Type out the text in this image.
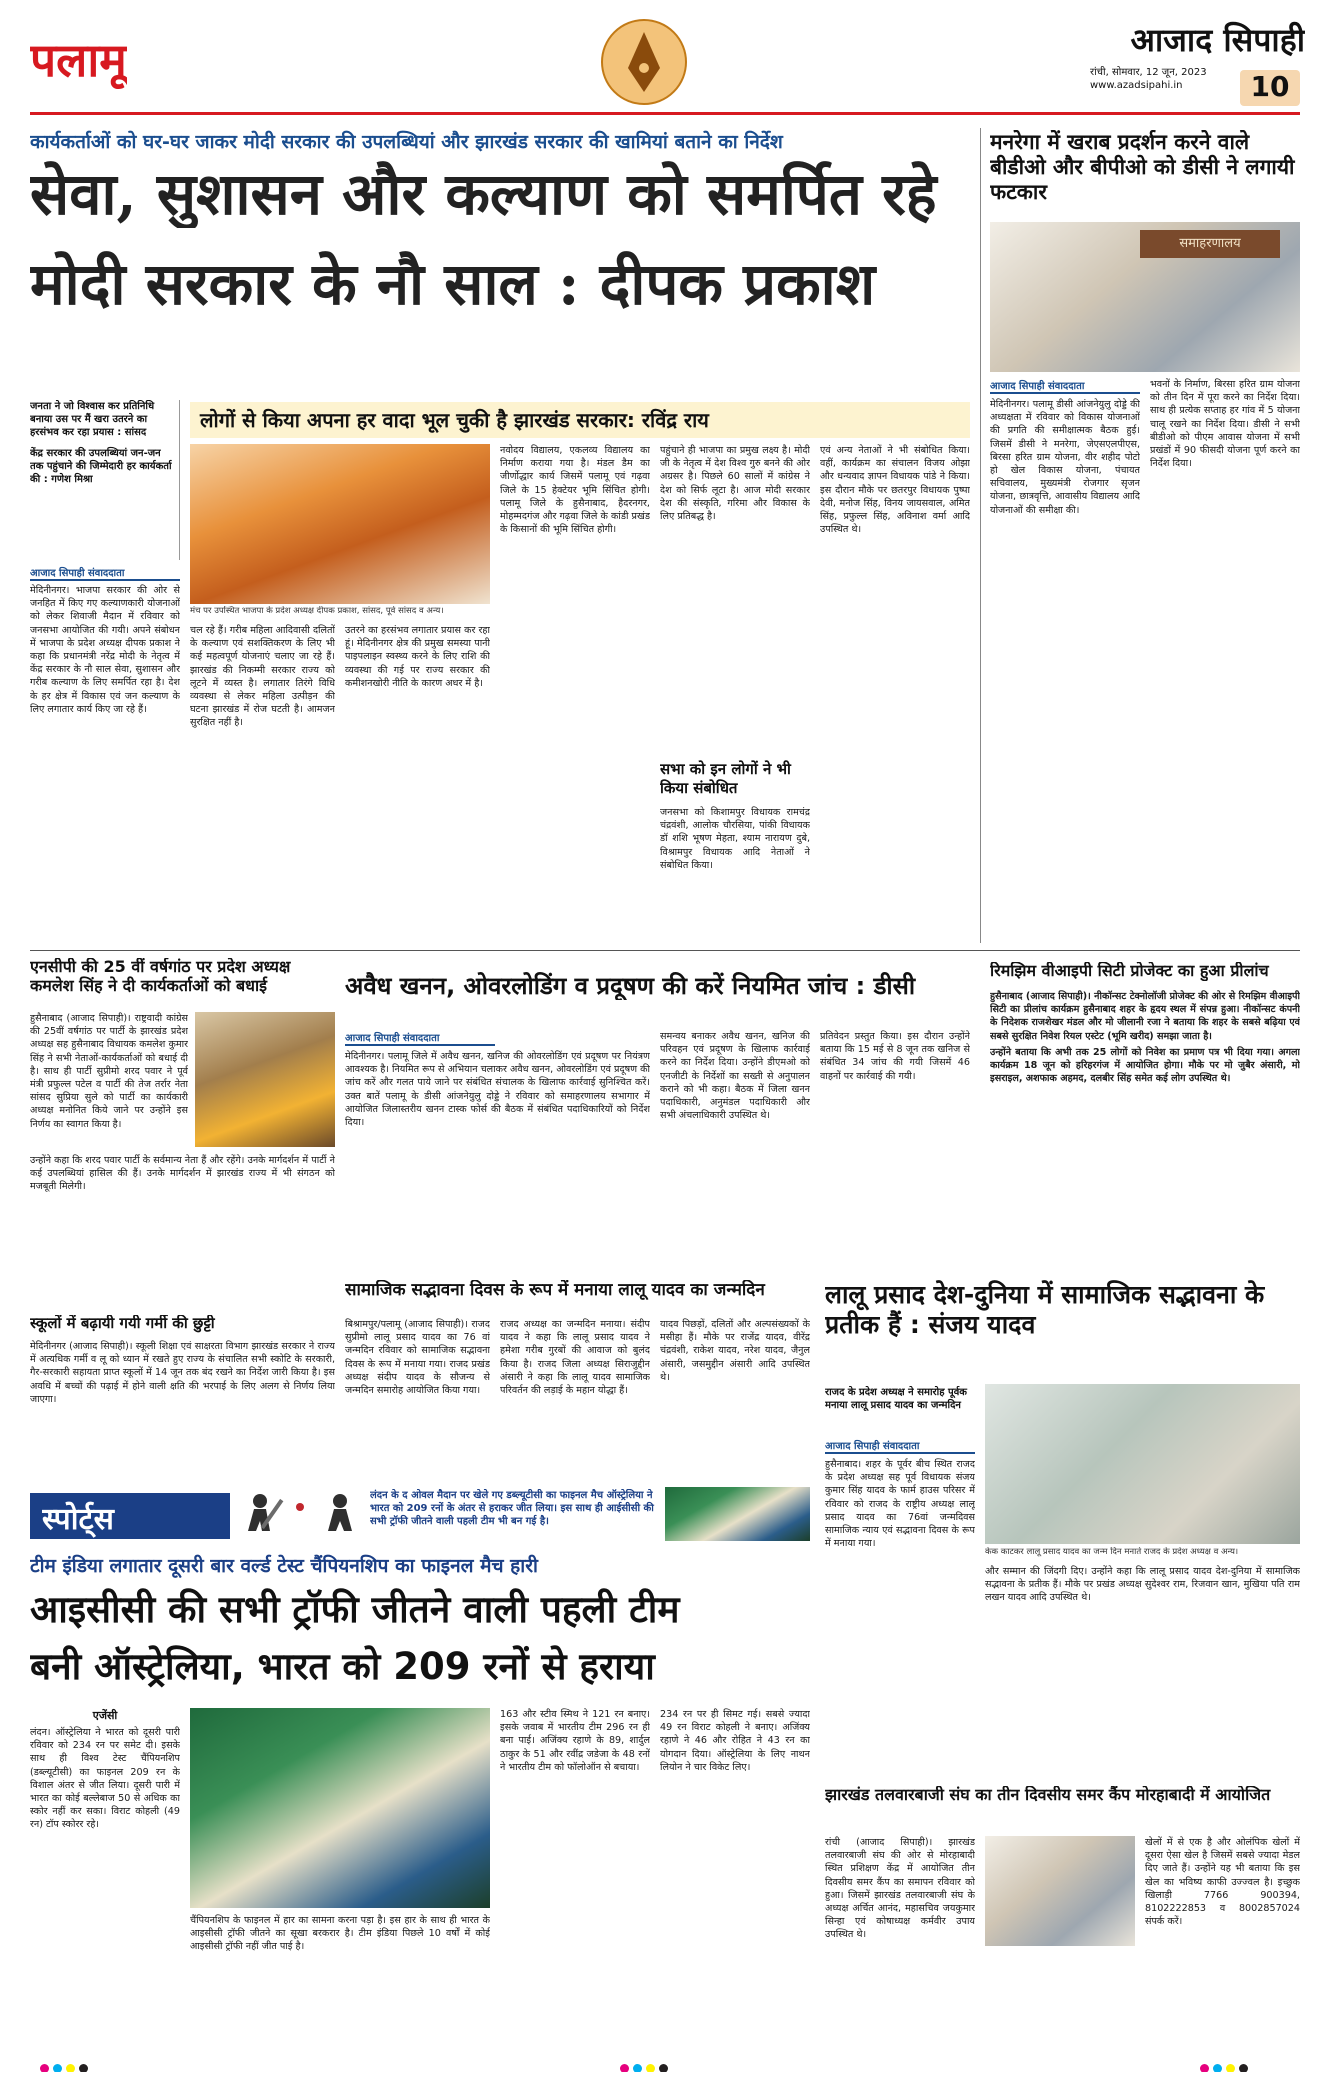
पलामू	आजाद सिपाही
रांची, सोमवार, 12 जून, 2023
www.azadsipahi.in	10
कार्यकर्ताओं को घर-घर जाकर मोदी सरकार की उपलब्धियां और झारखंड सरकार की खामियां बताने का निर्देश
सेवा, सुशासन और कल्याण को समर्पित रहे
मोदी सरकार के नौ साल : दीपक प्रकाश
जनता ने जो विश्वास कर प्रतिनिधि बनाया उस पर मैं खरा उतरने का हरसंभव कर रहा प्रयास : सांसद
केंद्र सरकार की उपलब्धियां जन-जन तक पहुंचाने की जिम्मेदारी हर कार्यकर्ता की : गणेश मिश्रा
आजाद सिपाही संवाददाता
लोगों से किया अपना हर वादा भूल चुकी है झारखंड सरकार: रविंद्र राय
मंच पर उपस्थित भाजपा के प्रदेश अध्यक्ष दीपक प्रकाश, सांसद, पूर्व सांसद व अन्य।

मेदिनीनगर। भाजपा सरकार की ओर से जनहित में किए गए कल्याणकारी योजनाओं को लेकर शिवाजी मैदान में रविवार को जनसभा आयोजित की गयी। अपने संबोधन में भाजपा के प्रदेश अध्यक्ष दीपक प्रकाश ने कहा कि प्रधानमंत्री नरेंद्र मोदी के नेतृत्व में केंद्र सरकार के नौ साल सेवा, सुशासन और गरीब कल्याण के लिए समर्पित रहा है। देश के हर क्षेत्र में विकास एवं जन कल्याण के लिए लगातार कार्य किए जा रहे हैं।

चल रहे हैं। गरीब महिला आदिवासी दलितों के कल्याण एवं सशक्तिकरण के लिए भी कई महत्वपूर्ण योजनाएं चलाए जा रहे हैं। झारखंड की निकम्मी सरकार राज्य को लूटने में व्यस्त है। लगातार तिरंगे विधि व्यवस्था से लेकर महिला उत्पीड़न की घटना झारखंड में रोज घटती है। आमजन सुरक्षित नहीं है।

उतरने का हरसंभव लगातार प्रयास कर रहा हूं। मेदिनीनगर क्षेत्र की प्रमुख समस्या पानी पाइपलाइन स्वस्थ्य करने के लिए राशि की व्यवस्था की गई पर राज्य सरकार की कमीशनखोरी नीति के कारण अधर में है।

नवोदय विद्यालय, एकलव्य विद्यालय का निर्माण कराया गया है। मंडल डैम का जीर्णोद्धार कार्य जिसमें पलामू एवं गढ़वा जिले के 15 हेक्टेयर भूमि सिंचित होगी। पलामू जिले के हुसैनाबाद, हैदरनगर, मोहम्मदगंज और गढ़वा जिले के कांडी प्रखंड के किसानों की भूमि सिंचित होगी।

पहुंचाने ही भाजपा का प्रमुख लक्ष्य है। मोदी जी के नेतृत्व में देश विश्व गुरु बनने की ओर अग्रसर है। पिछले 60 सालों में कांग्रेस ने देश को सिर्फ लूटा है। आज मोदी सरकार देश की संस्कृति, गरिमा और विकास के लिए प्रतिबद्ध है।

सभा को इन लोगों ने भी किया संबोधित

जनसभा को किशामपुर विधायक रामचंद्र चंद्रवंशी, आलोक चौरसिया, पांकी विधायक डॉ शशि भूषण मेहता, श्याम नारायण दुबे, विश्रामपुर विधायक आदि नेताओं ने संबोधित किया।

एवं अन्य नेताओं ने भी संबोधित किया। वहीं, कार्यक्रम का संचालन विजय ओझा और धन्यवाद ज्ञापन विधायक पांडे ने किया। इस दौरान मौके पर छतरपुर विधायक पुष्पा देवी, मनोज सिंह, विनय जायसवाल, अमित सिंह, प्रफुल्ल सिंह, अविनाश वर्मा आदि उपस्थित थे।

मनरेगा में खराब प्रदर्शन करने वाले बीडीओ और बीपीओ को डीसी ने लगायी फटकार
समाहरणालय
आजाद सिपाही संवाददाता

मेदिनीनगर। पलामू डीसी आंजनेयुलु दोड्डे की अध्यक्षता में रविवार को विकास योजनाओं की प्रगति की समीक्षात्मक बैठक हुई। जिसमें डीसी ने मनरेगा, जेएसएलपीएस, बिरसा हरित ग्राम योजना, वीर शहीद पोटो हो खेल विकास योजना, पंचायत सचिवालय, मुख्यमंत्री रोजगार सृजन योजना, छात्रवृत्ति, आवासीय विद्यालय आदि योजनाओं की समीक्षा की।

भवनों के निर्माण, बिरसा हरित ग्राम योजना को तीन दिन में पूरा करने का निर्देश दिया। साथ ही प्रत्येक सप्ताह हर गांव में 5 योजना चालू रखने का निर्देश दिया। डीसी ने सभी बीडीओ को पीएम आवास योजना में सभी प्रखंडों में 90 फीसदी योजना पूर्ण करने का निर्देश दिया।

एनसीपी की 25 वीं वर्षगांठ पर प्रदेश अध्यक्ष कमलेश सिंह ने दी कार्यकर्ताओं को बधाई

हुसैनाबाद (आजाद सिपाही)। राष्ट्रवादी कांग्रेस की 25वीं वर्षगांठ पर पार्टी के झारखंड प्रदेश अध्यक्ष सह हुसैनाबाद विधायक कमलेश कुमार सिंह ने सभी नेताओं-कार्यकर्ताओं को बधाई दी है। साथ ही पार्टी सुप्रीमो शरद पवार ने पूर्व मंत्री प्रफुल्ल पटेल व पार्टी की तेज तर्रार नेता सांसद सुप्रिया सुले को पार्टी का कार्यकारी अध्यक्ष मनोनित किये जाने पर उन्होंने इस निर्णय का स्वागत किया है।

उन्होंने कहा कि शरद पवार पार्टी के सर्वमान्य नेता हैं और रहेंगे। उनके मार्गदर्शन में पार्टी ने कई उपलब्धियां हासिल की हैं। उनके मार्गदर्शन में झारखंड राज्य में भी संगठन को मजबूती मिलेगी।

स्कूलों में बढ़ायी गयी गर्मी की छुट्टी

मेदिनीनगर (आजाद सिपाही)। स्कूली शिक्षा एवं साक्षरता विभाग झारखंड सरकार ने राज्य में अत्यधिक गर्मी व लू को ध्यान में रखते हुए राज्य के संचालित सभी स्कोटि के सरकारी, गैर-सरकारी सहायता प्राप्त स्कूलों में 14 जून तक बंद रखने का निर्देश जारी किया है। इस अवधि में बच्चों की पढ़ाई में होने वाली क्षति की भरपाई के लिए अलग से निर्णय लिया जाएगा।

अवैध खनन, ओवरलोडिंग व प्रदूषण की करें नियमित जांच : डीसी
आजाद सिपाही संवाददाता

मेदिनीनगर। पलामू जिले में अवैध खनन, खनिज की ओवरलोडिंग एवं प्रदूषण पर नियंत्रण आवश्यक है। नियमित रूप से अभियान चलाकर अवैध खनन, ओवरलोडिंग एवं प्रदूषण की जांच करें और गलत पाये जाने पर संबंधित संचालक के खिलाफ कार्रवाई सुनिश्चित करें। उक्त बातें पलामू के डीसी आंजनेयुलु दोड्डे ने रविवार को समाहरणालय सभागार में आयोजित जिलास्तरीय खनन टास्क फोर्स की बैठक में संबंधित पदाधिकारियों को निर्देश दिया।

समन्वय बनाकर अवैध खनन, खनिज की परिवहन एवं प्रदूषण के खिलाफ कार्रवाई करने का निर्देश दिया। उन्होंने डीएमओ को एनजीटी के निर्देशों का सख्ती से अनुपालन कराने को भी कहा। बैठक में जिला खनन पदाधिकारी, अनुमंडल पदाधिकारी और सभी अंचलाधिकारी उपस्थित थे।

प्रतिवेदन प्रस्तुत किया। इस दौरान उन्होंने बताया कि 15 मई से 8 जून तक खनिज से संबंधित 34 जांच की गयी जिसमें 46 वाहनों पर कार्रवाई की गयी।

रिमझिम वीआइपी सिटी प्रोजेक्ट का हुआ प्रीलांच

हुसैनाबाद (आजाद सिपाही)। नीकॉन्सट टेक्नोलॉजी प्रोजेक्ट की ओर से रिमझिम वीआइपी सिटी का प्रीलांच कार्यक्रम हुसैनाबाद शहर के हृदय स्थल में संपन्न हुआ। नीकॉन्सट कंपनी के निदेशक राजशेखर मंडल और मो जीलानी रजा ने बताया कि शहर के सबसे बढ़िया एवं सबसे सुरक्षित निवेश रियल एस्टेट (भूमि खरीद) समझा जाता है।

उन्होंने बताया कि अभी तक 25 लोगों को निवेश का प्रमाण पत्र भी दिया गया। अगला कार्यक्रम 18 जून को हरिहरगंज में आयोजित होगा। मौके पर मो जुबैर अंसारी, मो इसराइल, अशफाक अहमद, दलबीर सिंह समेत कई लोग उपस्थित थे।

सामाजिक सद्भावना दिवस के रूप में मनाया लालू यादव का जन्मदिन

बिश्रामपुर/पलामू (आजाद सिपाही)। राजद सुप्रीमो लालू प्रसाद यादव का 76 वां जन्मदिन रविवार को सामाजिक सद्भावना दिवस के रूप में मनाया गया। राजद प्रखंड अध्यक्ष संदीप यादव के सौजन्य से जन्मदिन समारोह आयोजित किया गया।

राजद अध्यक्ष का जन्मदिन मनाया। संदीप यादव ने कहा कि लालू प्रसाद यादव ने हमेशा गरीब गुरबों की आवाज को बुलंद किया है। राजद जिला अध्यक्ष सिराजुद्दीन अंसारी ने कहा कि लालू यादव सामाजिक परिवर्तन की लड़ाई के महान योद्धा हैं।

यादव पिछड़ों, दलितों और अल्पसंख्यकों के मसीहा हैं। मौके पर राजेंद्र यादव, वीरेंद्र चंद्रवंशी, राकेश यादव, नरेश यादव, जैनुल अंसारी, जसमुद्दीन अंसारी आदि उपस्थित थे।

लालू प्रसाद देश-दुनिया में सामाजिक सद्भावना के प्रतीक हैं : संजय यादव
राजद के प्रदेश अध्यक्ष ने समारोह पूर्वक मनाया लालू प्रसाद यादव का जन्मदिन
आजाद सिपाही संवाददाता
केक काटकर लालू प्रसाद यादव का जन्म दिन मनाते राजद के प्रदेश अध्यक्ष व अन्य।

हुसैनाबाद। शहर के पूर्वर बीच स्थित राजद के प्रदेश अध्यक्ष सह पूर्व विधायक संजय कुमार सिंह यादव के फार्म हाउस परिसर में रविवार को राजद के राष्ट्रीय अध्यक्ष लालू प्रसाद यादव का 76वां जन्मदिवस सामाजिक न्याय एवं सद्भावना दिवस के रूप में मनाया गया।

और सम्मान की जिंदगी दिए। उन्होंने कहा कि लालू प्रसाद यादव देश-दुनिया में सामाजिक सद्भावना के प्रतीक हैं। मौके पर प्रखंड अध्यक्ष सुदेश्वर राम, रिजवान खान, मुखिया पति राम लखन यादव आदि उपस्थित थे।

स्पोर्ट्स
लंदन के द ओवल मैदान पर खेले गए डब्ल्यूटीसी का फाइनल मैच ऑस्ट्रेलिया ने भारत को 209 रनों के अंतर से हराकर जीत लिया। इस साथ ही आईसीसी की सभी ट्रॉफी जीतने वाली पहली टीम भी बन गई है।
टीम इंडिया लगातार दूसरी बार वर्ल्ड टेस्ट चैंपियनशिप का फाइनल मैच हारी
आइसीसी की सभी ट्रॉफी जीतने वाली पहली टीम
बनी ऑस्ट्रेलिया, भारत को 209 रनों से हराया
एजेंसी

लंदन। ऑस्ट्रेलिया ने भारत को दूसरी पारी रविवार को 234 रन पर समेट दी। इसके साथ ही विश्व टेस्ट चैंपियनशिप (डब्ल्यूटीसी) का फाइनल 209 रन के विशाल अंतर से जीत लिया। दूसरी पारी में भारत का कोई बल्लेबाज 50 से अधिक का स्कोर नहीं कर सका। विराट कोहली (49 रन) टॉप स्कोरर रहे।

चैंपियनशिप के फाइनल में हार का सामना करना पड़ा है। इस हार के साथ ही भारत के आइसीसी ट्रॉफी जीतने का सूखा बरकरार है। टीम इंडिया पिछले 10 वर्षों में कोई आइसीसी ट्रॉफी नहीं जीत पाई है।

163 और स्टीव स्मिथ ने 121 रन बनाए। इसके जवाब में भारतीय टीम 296 रन ही बना पाई। अजिंक्य रहाणे के 89, शार्दुल ठाकुर के 51 और रवींद्र जडेजा के 48 रनों ने भारतीय टीम को फॉलोऑन से बचाया।

234 रन पर ही सिमट गई। सबसे ज्यादा 49 रन विराट कोहली ने बनाए। अजिंक्य रहाणे ने 46 और रोहित ने 43 रन का योगदान दिया। ऑस्ट्रेलिया के लिए नाथन लियोन ने चार विकेट लिए।

झारखंड तलवारबाजी संघ का तीन दिवसीय समर कैंप मोरहाबादी में आयोजित

रांची (आजाद सिपाही)। झारखंड तलवारबाजी संघ की ओर से मोरहाबादी स्थित प्रशिक्षण केंद्र में आयोजित तीन दिवसीय समर कैंप का समापन रविवार को हुआ। जिसमें झारखंड तलवारबाजी संघ के अध्यक्ष अर्चित आनंद, महासचिव जयकुमार सिन्हा एवं कोषाध्यक्ष कर्मवीर उपाय उपस्थित थे।

खेलों में से एक है और ओलंपिक खेलों में दूसरा ऐसा खेल है जिसमें सबसे ज्यादा मेडल दिए जाते हैं। उन्होंने यह भी बताया कि इस खेल का भविष्य काफी उज्ज्वल है। इच्छुक खिलाड़ी 7766 900394, 8102222853 व 8002857024 संपर्क करें।
